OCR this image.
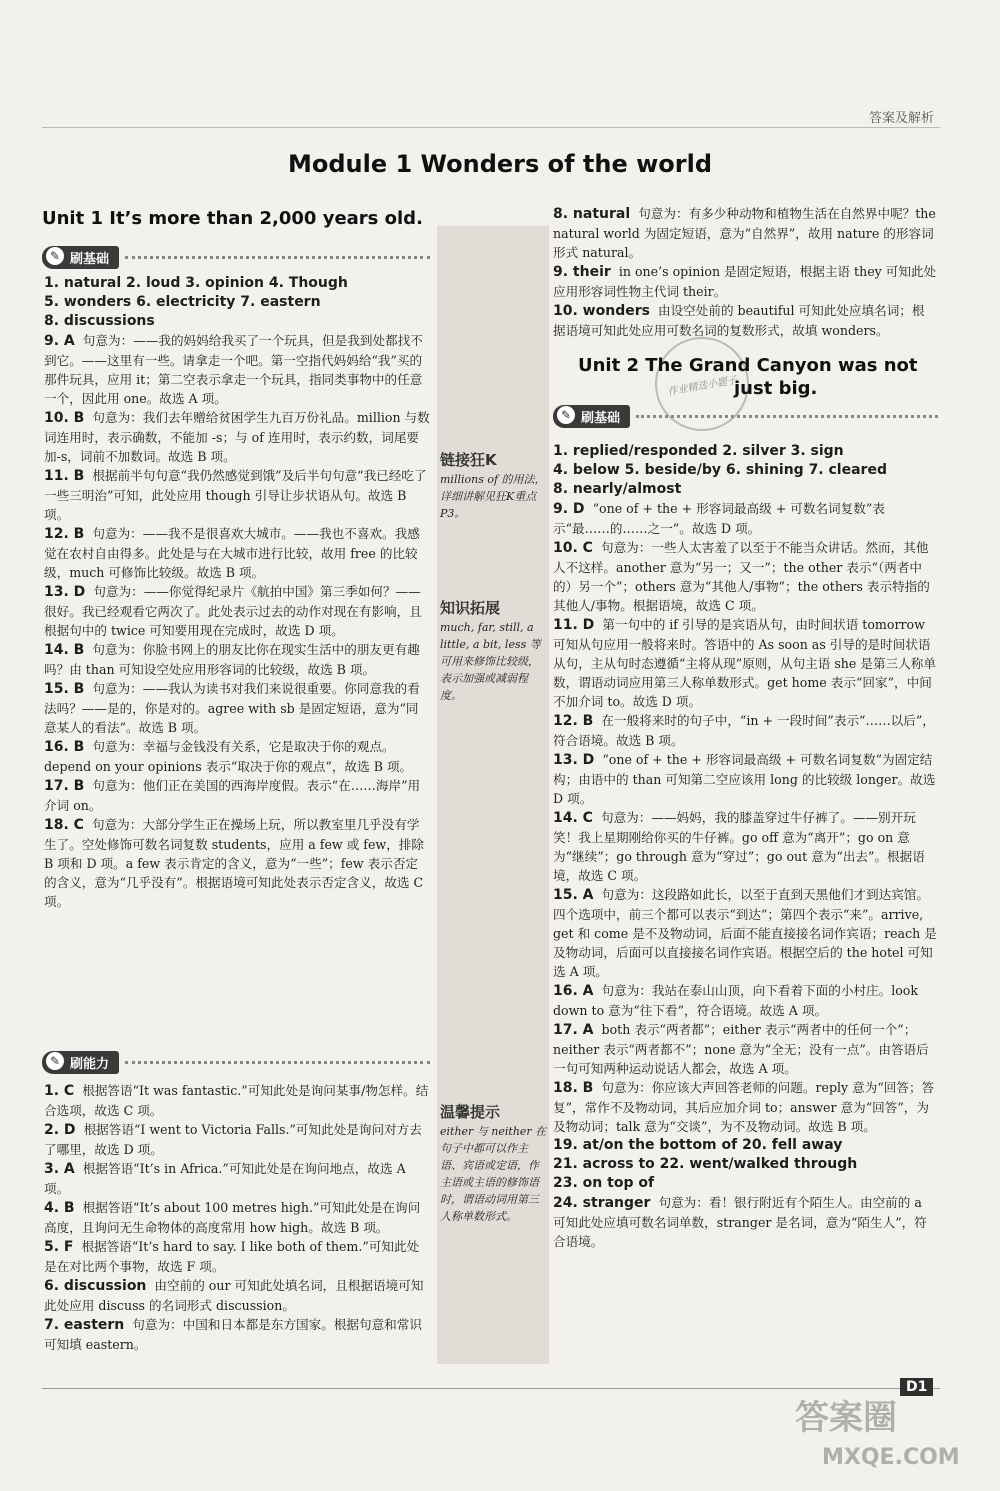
答案及解析
Module 1 Wonders of the world
Unit 1 It’s more than 2,000 years old.
✎ 刷基础
1. natural 2. loud 3. opinion 4. Though
5. wonders 6. electricity 7. eastern
8. discussions

9. A 句意为：——我的妈妈给我买了一个玩具，但是我到处都找不到它。——这里有一些。请拿走一个吧。第一空指代妈妈给“我”买的那件玩具，应用 it；第二空表示拿走一个玩具，指同类事物中的任意一个，因此用 one。故选 A 项。

10. B 句意为：我们去年赠给贫困学生九百万份礼品。million 与数词连用时，表示确数，不能加 -s；与 of 连用时，表示约数，词尾要加-s，词前不加数词。故选 B 项。

11. B 根据前半句句意“我仍然感觉到饿”及后半句句意“我已经吃了一些三明治”可知，此处应用 though 引导让步状语从句。故选 B 项。

12. B 句意为：——我不是很喜欢大城市。——我也不喜欢。我感觉在农村自由得多。此处是与在大城市进行比较，故用 free 的比较级，much 可修饰比较级。故选 B 项。

13. D 句意为：——你觉得纪录片《航拍中国》第三季如何？——很好。我已经观看它两次了。此处表示过去的动作对现在有影响，且根据句中的 twice 可知要用现在完成时，故选 D 项。

14. B 句意为：你脸书网上的朋友比你在现实生活中的朋友更有趣吗？由 than 可知设空处应用形容词的比较级，故选 B 项。

15. B 句意为：——我认为读书对我们来说很重要。你同意我的看法吗？——是的，你是对的。agree with sb 是固定短语，意为“同意某人的看法”。故选 B 项。

16. B 句意为：幸福与金钱没有关系，它是取决于你的观点。depend on your opinions 表示“取决于你的观点”，故选 B 项。

17. B 句意为：他们正在美国的西海岸度假。表示“在……海岸”用介词 on。

18. C 句意为：大部分学生正在操场上玩，所以教室里几乎没有学生了。空处修饰可数名词复数 students，应用 a few 或 few，排除 B 项和 D 项。a few 表示肯定的含义，意为“一些”；few 表示否定的含义，意为“几乎没有”。根据语境可知此处表示否定含义，故选 C 项。

✎ 刷能力

1. C 根据答语“It was fantastic.”可知此处是询问某事/物怎样。结合选项，故选 C 项。

2. D 根据答语“I went to Victoria Falls.”可知此处是询问对方去了哪里，故选 D 项。

3. A 根据答语“It’s in Africa.”可知此处是在询问地点，故选 A 项。

4. B 根据答语“It’s about 100 metres high.”可知此处是在询问高度，且询问无生命物体的高度常用 how high。故选 B 项。

5. F 根据答语“It’s hard to say. I like both of them.”可知此处是在对比两个事物，故选 F 项。

6. discussion 由空前的 our 可知此处填名词，且根据语境可知此处应用 discuss 的名词形式 discussion。

7. eastern 句意为：中国和日本都是东方国家。根据句意和常识可知填 eastern。

链接狂K
millions of 的用法，详细讲解见狂K重点P3。
知识拓展
much, far, still, a little, a bit, less 等可用来修饰比较级，表示加强或减弱程度。
温馨提示
either 与 neither 在句子中都可以作主语、宾语或定语，作主语或主语的修饰语时，谓语动词用第三人称单数形式。

8. natural 句意为：有多少种动物和植物生活在自然界中呢？the natural world 为固定短语，意为“自然界”，故用 nature 的形容词形式 natural。

9. their in one’s opinion 是固定短语，根据主语 they 可知此处应用形容词性物主代词 their。

10. wonders 由设空处前的 beautiful 可知此处应填名词；根据语境可知此处应用可数名词的复数形式，故填 wonders。

作业精选小题子
Unit 2 The Grand Canyon was not
just big.
✎ 刷基础
1. replied/responded 2. silver 3. sign
4. below 5. beside/by 6. shining 7. cleared
8. nearly/almost

9. D “one of + the + 形容词最高级 + 可数名词复数”表示“最……的……之一”。故选 D 项。

10. C 句意为：一些人太害羞了以至于不能当众讲话。然而，其他人不这样。another 意为“另一；又一”；the other 表示“（两者中的）另一个”；others 意为“其他人/事物”；the others 表示特指的其他人/事物。根据语境，故选 C 项。

11. D 第一句中的 if 引导的是宾语从句，由时间状语 tomorrow 可知从句应用一般将来时。答语中的 As soon as 引导的是时间状语从句，主从句时态遵循“主将从现”原则，从句主语 she 是第三人称单数，谓语动词应用第三人称单数形式。get home 表示“回家”，中间不加介词 to。故选 D 项。

12. B 在一般将来时的句子中，“in + 一段时间”表示“……以后”，符合语境。故选 B 项。

13. D “one of + the + 形容词最高级 + 可数名词复数”为固定结构；由语中的 than 可知第二空应该用 long 的比较级 longer。故选 D 项。

14. C 句意为：——妈妈，我的膝盖穿过牛仔裤了。——别开玩笑！我上星期刚给你买的牛仔裤。go off 意为“离开”；go on 意为“继续”；go through 意为“穿过”；go out 意为“出去”。根据语境，故选 C 项。

15. A 句意为：这段路如此长，以至于直到天黑他们才到达宾馆。四个选项中，前三个都可以表示“到达”；第四个表示“来”。arrive, get 和 come 是不及物动词，后面不能直接接名词作宾语；reach 是及物动词，后面可以直接接名词作宾语。根据空后的 the hotel 可知选 A 项。

16. A 句意为：我站在泰山山顶，向下看着下面的小村庄。look down to 意为“往下看”，符合语境。故选 A 项。

17. A both 表示“两者都”；either 表示“两者中的任何一个”；neither 表示“两者都不”；none 意为“全无；没有一点”。由答语后一句可知两种运动说话人都会，故选 A 项。

18. B 句意为：你应该大声回答老师的问题。reply 意为“回答；答复”，常作不及物动词，其后应加介词 to；answer 意为“回答”，为及物动词；talk 意为“交谈”，为不及物动词。故选 B 项。

19. at/on the bottom of 20. fell away
21. across to 22. went/walked through
23. on top of

24. stranger 句意为：看！银行附近有个陌生人。由空前的 a 可知此处应填可数名词单数，stranger 是名词，意为“陌生人”，符合语境。

D1
答案圈
MXQE.COM
